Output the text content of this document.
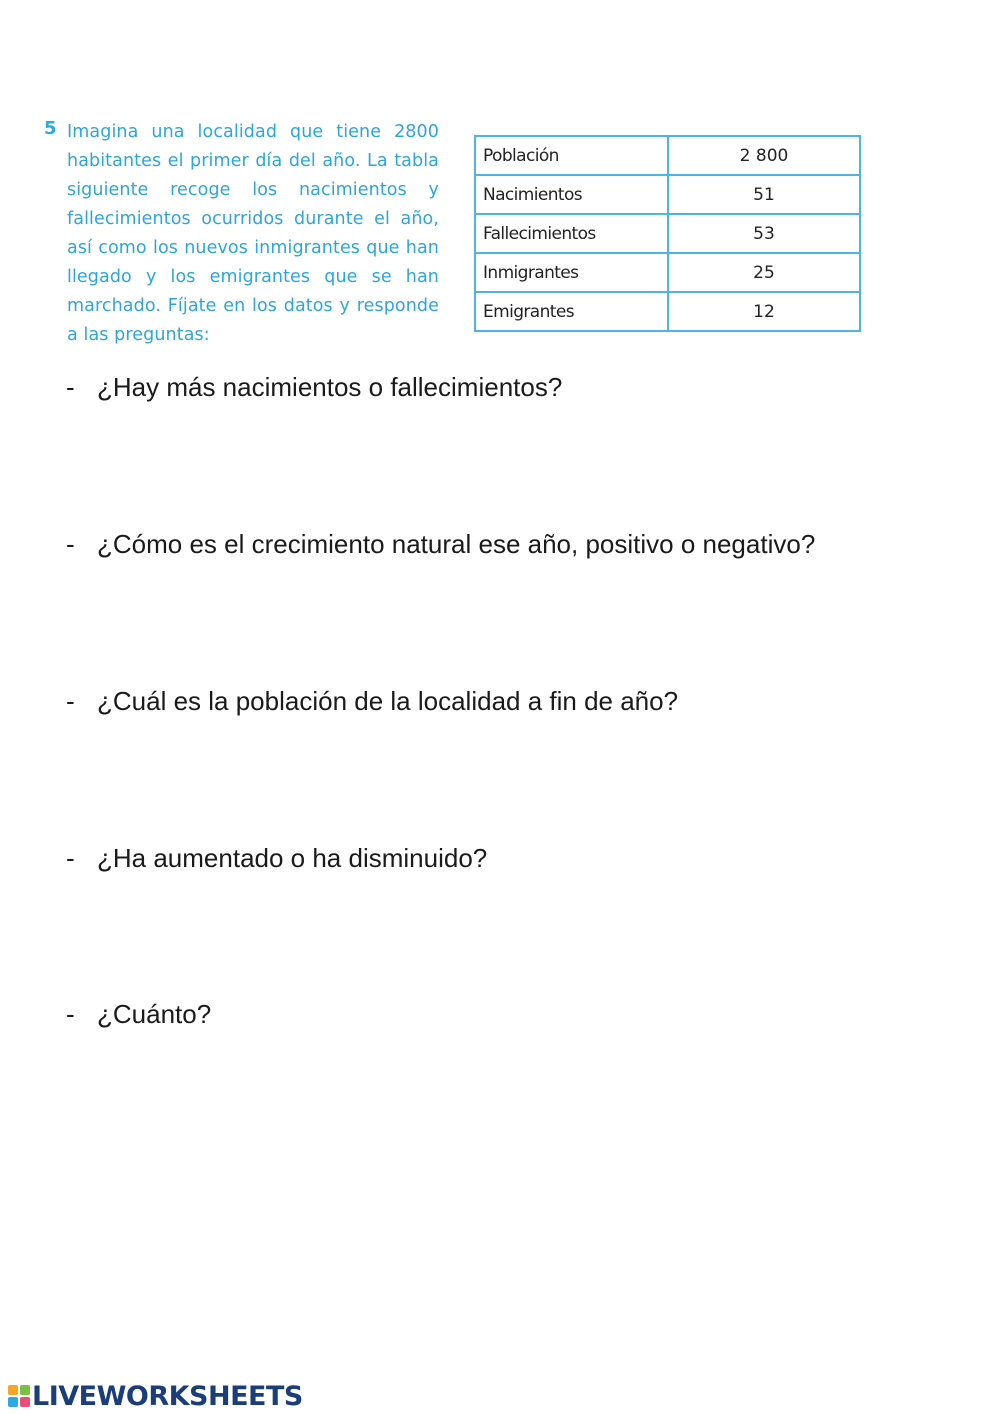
5 Imagina una localidad que tiene 2800 habitantes el primer día del año. La tabla siguiente recoge los nacimientos y fallecimientos ocurridos durante el año, así como los nuevos inmigrantes que han llegado y los emigrantes que se han marchado. Fíjate en los datos y responde a las preguntas:
Población	2 800
Nacimientos	51
Fallecimientos	53
Inmigrantes	25
Emigrantes	12
- ¿Hay más nacimientos o fallecimientos?
- ¿Cómo es el crecimiento natural ese año, positivo o negativo?
- ¿Cuál es la población de la localidad a fin de año?
- ¿Ha aumentado o ha disminuido?
- ¿Cuánto?
LIVEWORKSHEETS
